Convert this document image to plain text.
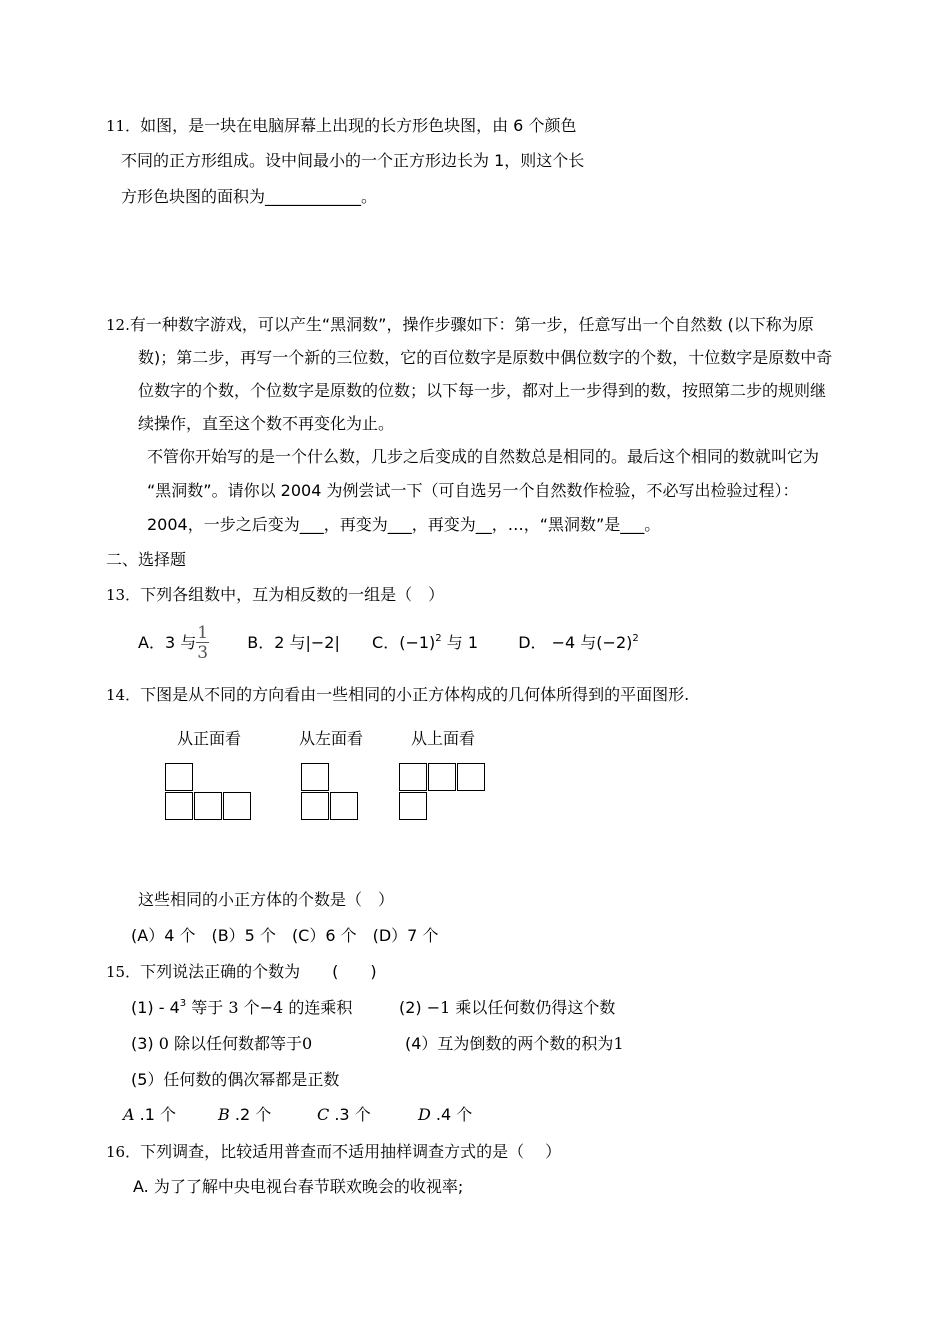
11．如图，是一块在电脑屏幕上出现的长方形色块图，由 6 个颜色
不同的正方形组成。设中间最小的一个正方形边长为 1，则这个长
方形色块图的面积为____________。
12.有一种数字游戏，可以产生“黑洞数”，操作步骤如下：第一步，任意写出一个自然数 (以下称为原
数)；第二步，再写一个新的三位数，它的百位数字是原数中偶位数字的个数，十位数字是原数中奇
位数字的个数，个位数字是原数的位数；以下每一步，都对上一步得到的数，按照第二步的规则继
续操作，直至这个数不再变化为止。
不管你开始写的是一个什么数，几步之后变成的自然数总是相同的。最后这个相同的数就叫它为
“黑洞数”。请你以 2004 为例尝试一下（可自选另一个自然数作检验，不必写出检验过程）：
2004，一步之后变为___，再变为___，再变为__，…，“黑洞数”是___。
二、选择题
13．下列各组数中，互为相反数的一组是（　）
A．3 与 $\frac{1}{3}$ B．2 与|−2| C．$(-1)^2$ 与 1	D． −4 与$(-2)^2$
14．下图是从不同的方向看由一些相同的小正方体构成的几何体所得到的平面图形.
从正面看	从左面看	从上面看
这些相同的小正方体的个数是（　）
(A）4 个　(B）5 个　(C）6 个　(D）7 个
15．下列说法正确的个数为　　(　　)
$(1) - 4^3$ 等于 3 个−4 的连乘积	(2) −1 乘以任何数仍得这个数
(3) 0 除以任何数都等于0	(4）互为倒数的两个数的积为1
(5）任何数的偶次幂都是正数
A .1 个	B .2 个	C .3 个	D .4 个
16．下列调查，比较适用普查而不适用抽样调查方式的是（　 ）
A. 为了了解中央电视台春节联欢晚会的收视率;
